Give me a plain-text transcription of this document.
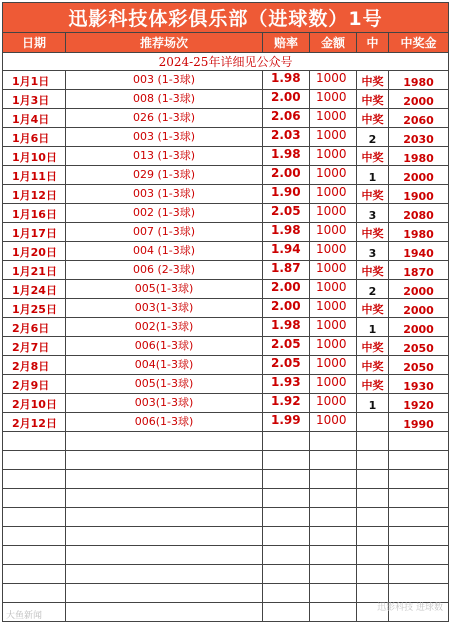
迅影科技体彩俱乐部（进球数）1号					
日期	推荐场次	赔率	金额	中	中奖金
2024-25年详细见公众号					
1月1日	003 (1-3球)	1.98	1000	中奖	1980
1月3日	008 (1-3球)	2.00	1000	中奖	2000
1月4日	026 (1-3球)	2.06	1000	中奖	2060
1月6日	003 (1-3球)	2.03	1000	2	2030
1月10日	013 (1-3球)	1.98	1000	中奖	1980
1月11日	029 (1-3球)	2.00	1000	1	2000
1月12日	003 (1-3球)	1.90	1000	中奖	1900
1月16日	002 (1-3球)	2.05	1000	3	2080
1月17日	007 (1-3球)	1.98	1000	中奖	1980
1月20日	004 (1-3球)	1.94	1000	3	1940
1月21日	006 (2-3球)	1.87	1000	中奖	1870
1月24日	005(1-3球)	2.00	1000	2	2000
1月25日	003(1-3球)	2.00	1000	中奖	2000
2月6日	002(1-3球)	1.98	1000	1	2000
2月7日	006(1-3球)	2.05	1000	中奖	2050
2月8日	004(1-3球)	2.05	1000	中奖	2050
2月9日	005(1-3球)	1.93	1000	中奖	1930
2月10日	003(1-3球)	1.92	1000	1	1920
2月12日	006(1-3球)	1.99	1000		1990

大鱼新闻
迅影科技 进球数
